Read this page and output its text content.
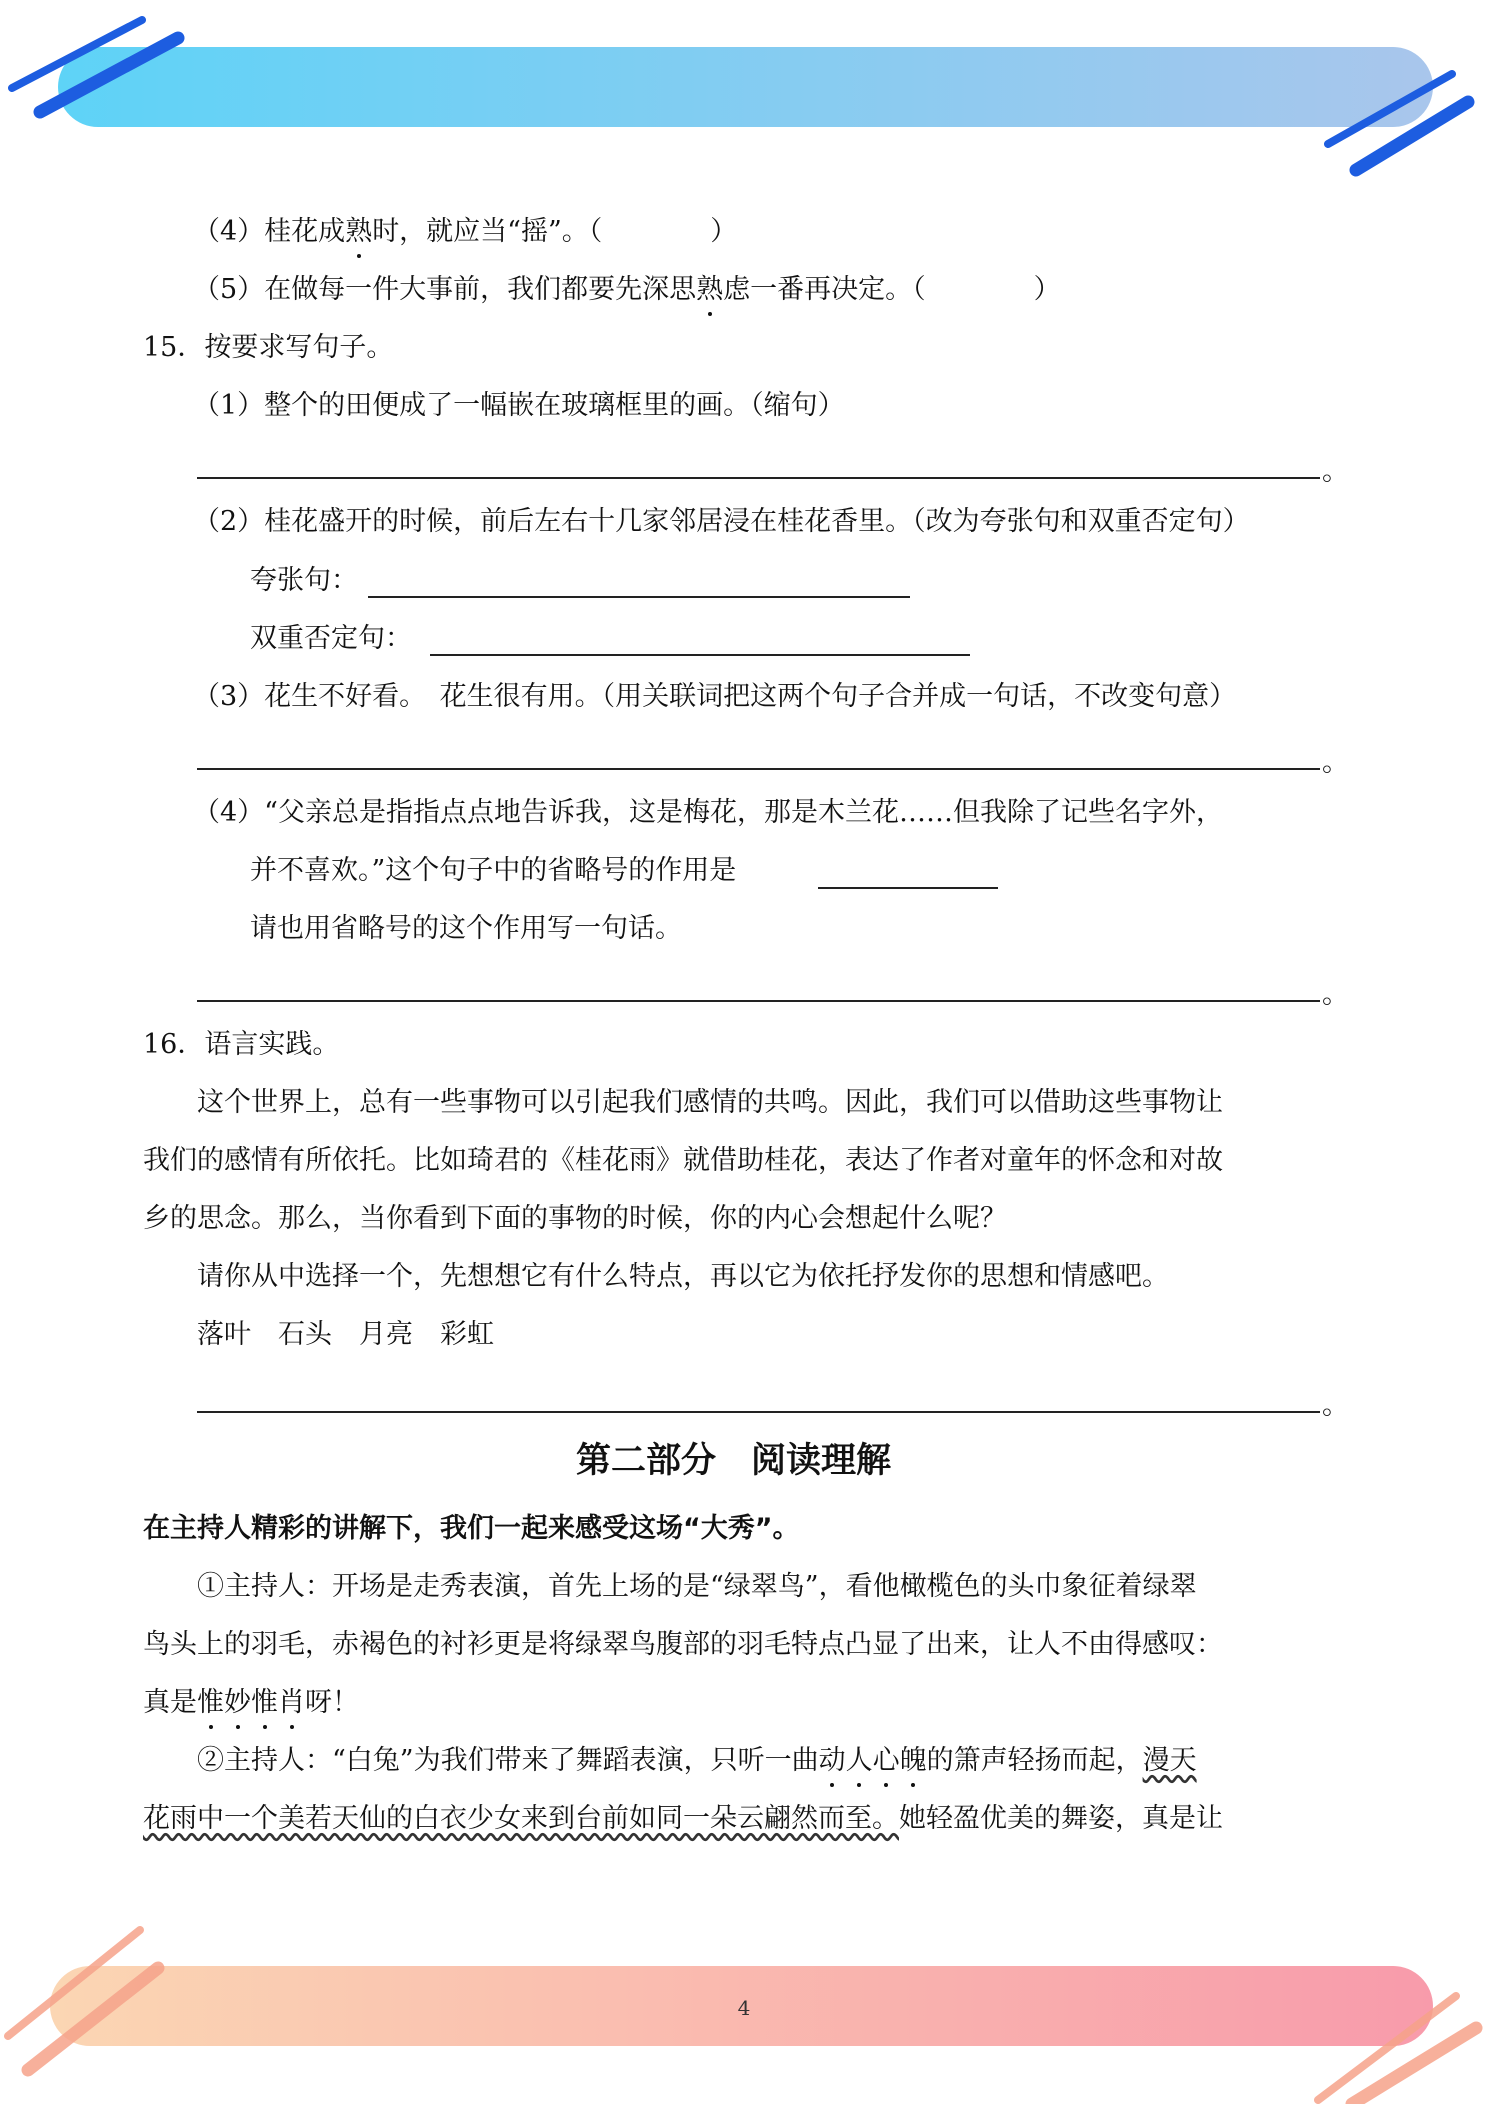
（4）桂花成熟时，就应当“摇”。（　　　　）
（5）在做每一件大事前，我们都要先深思熟虑一番再决定。（　　　　）
15．按要求写句子。
（1）整个的田便成了一幅嵌在玻璃框里的画。（缩句）
。
（2）桂花盛开的时候，前后左右十几家邻居浸在桂花香里。（改为夸张句和双重否定句）
夸张句：
双重否定句：
（3）花生不好看。　花生很有用。（用关联词把这两个句子合并成一句话，不改变句意）
。
（4）“父亲总是指指点点地告诉我，这是梅花，那是木兰花……但我除了记些名字外，
并不喜欢。”这个句子中的省略号的作用是
请也用省略号的这个作用写一句话。
。
16．语言实践。
这个世界上，总有一些事物可以引起我们感情的共鸣。因此，我们可以借助这些事物让
我们的感情有所依托。比如琦君的《桂花雨》就借助桂花，表达了作者对童年的怀念和对故
乡的思念。那么，当你看到下面的事物的时候，你的内心会想起什么呢？
请你从中选择一个，先想想它有什么特点，再以它为依托抒发你的思想和情感吧。
落叶　石头　月亮　彩虹
。
第二部分　阅读理解
在主持人精彩的讲解下，我们一起来感受这场“大秀”。
①主持人：开场是走秀表演，首先上场的是“绿翠鸟”，看他橄榄色的头巾象征着绿翠
鸟头上的羽毛，赤褐色的衬衫更是将绿翠鸟腹部的羽毛特点凸显了出来，让人不由得感叹：
真是惟妙惟肖呀！
②主持人：“白兔”为我们带来了舞蹈表演，只听一曲动人心魄的箫声轻扬而起，漫天
花雨中一个美若天仙的白衣少女来到台前如同一朵云翩然而至。她轻盈优美的舞姿，真是让
4
